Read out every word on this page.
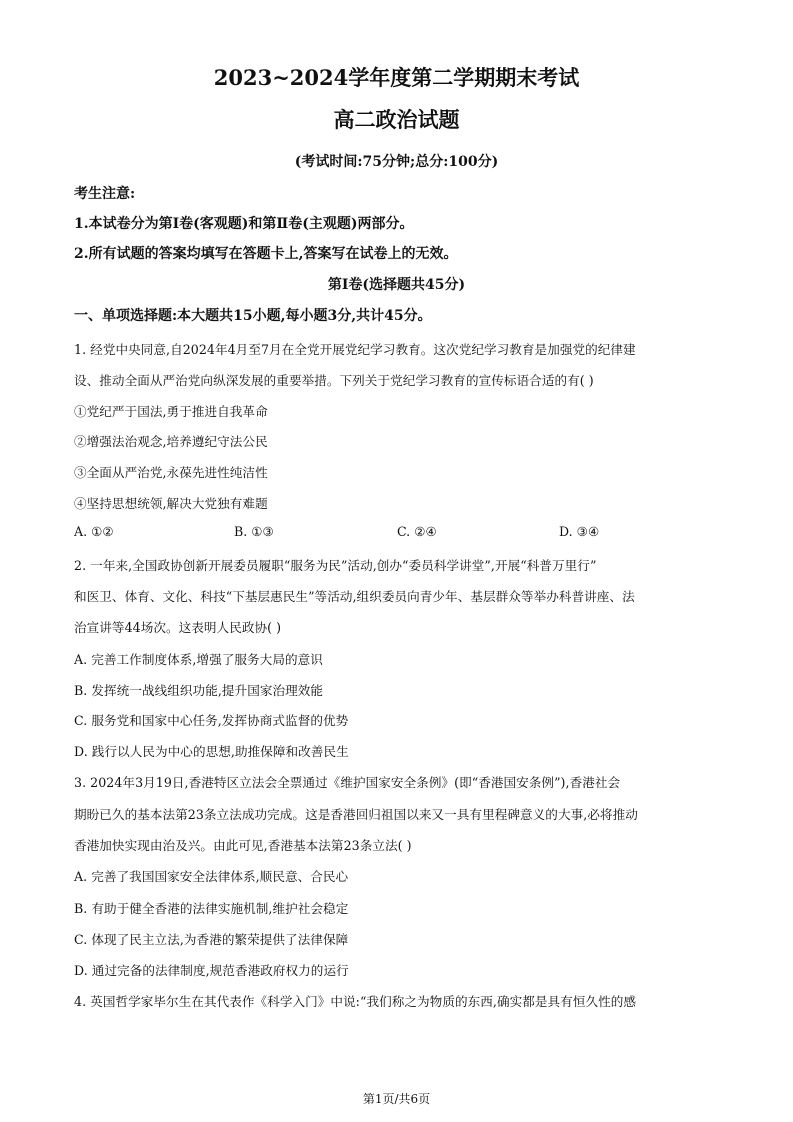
2023~2024学年度第二学期期末考试
高二政治试题
(考试时间:75分钟;总分:100分)
考生注意:
1.本试卷分为第Ⅰ卷(客观题)和第Ⅱ卷(主观题)两部分。
2.所有试题的答案均填写在答题卡上,答案写在试卷上的无效。
第Ⅰ卷(选择题共45分)
一、单项选择题:本大题共15小题,每小题3分,共计45分。
1. 经党中央同意,自2024年4月至7月在全党开展党纪学习教育。这次党纪学习教育是加强党的纪律建
设、推动全面从严治党向纵深发展的重要举措。下列关于党纪学习教育的宣传标语合适的有( )
①党纪严于国法,勇于推进自我革命
②增强法治观念,培养遵纪守法公民
③全面从严治党,永葆先进性纯洁性
④坚持思想统领,解决大党独有难题
A. ①②	B. ①③	C. ②④	D. ③④
2. 一年来,全国政协创新开展委员履职“服务为民”活动,创办“委员科学讲堂”,开展“科普万里行”
和医卫、体育、文化、科技“下基层惠民生”等活动,组织委员向青少年、基层群众等举办科普讲座、法
治宣讲等44场次。这表明人民政协( )
A. 完善工作制度体系,增强了服务大局的意识
B. 发挥统一战线组织功能,提升国家治理效能
C. 服务党和国家中心任务,发挥协商式监督的优势
D. 践行以人民为中心的思想,助推保障和改善民生
3. 2024年3月19日,香港特区立法会全票通过《维护国家安全条例》(即“香港国安条例”),香港社会
期盼已久的基本法第23条立法成功完成。这是香港回归祖国以来又一具有里程碑意义的大事,必将推动
香港加快实现由治及兴。由此可见,香港基本法第23条立法( )
A. 完善了我国国家安全法律体系,顺民意、合民心
B. 有助于健全香港的法律实施机制,维护社会稳定
C. 体现了民主立法,为香港的繁荣提供了法律保障
D. 通过完备的法律制度,规范香港政府权力的运行
4. 英国哲学家毕尔生在其代表作《科学入门》中说:“我们称之为物质的东西,确实都是具有恒久性的感
第1页/共6页
